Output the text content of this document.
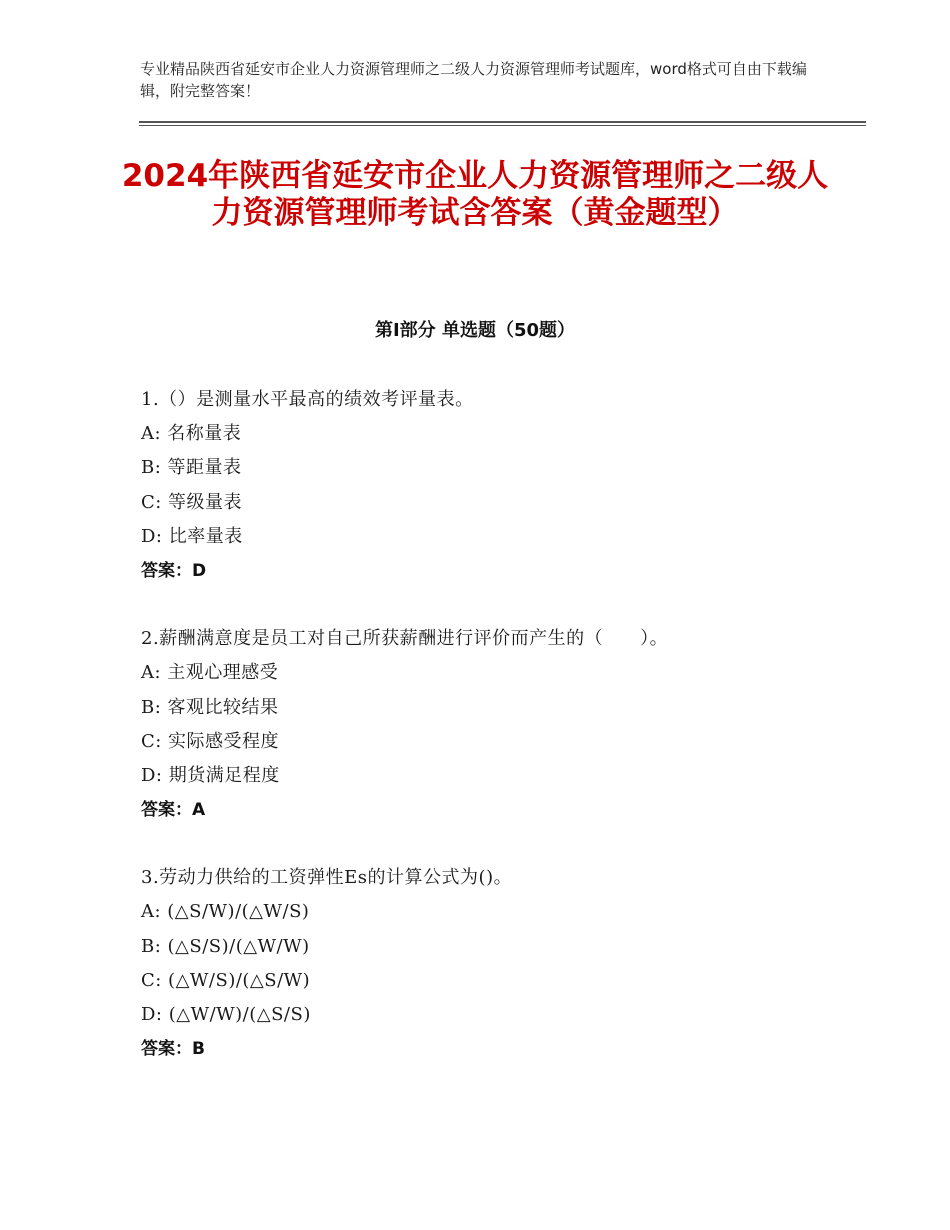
专业精品陕西省延安市企业人力资源管理师之二级人力资源管理师考试题库，word格式可自由下载编辑，附完整答案！
2024年陕西省延安市企业人力资源管理师之二级人力资源管理师考试含答案（黄金题型）
第Ⅰ部分 单选题（50题）
1.（）是测量水平最高的绩效考评量表。
A: 名称量表
B: 等距量表
C: 等级量表
D: 比率量表
答案：D
2.薪酬满意度是员工对自己所获薪酬进行评价而产生的（　　）。
A: 主观心理感受
B: 客观比较结果
C: 实际感受程度
D: 期货满足程度
答案：A
3.劳动力供给的工资弹性Es的计算公式为()。
A: (△S/W)/(△W/S)
B: (△S/S)/(△W/W)
C: (△W/S)/(△S/W)
D: (△W/W)/(△S/S)
答案：B
